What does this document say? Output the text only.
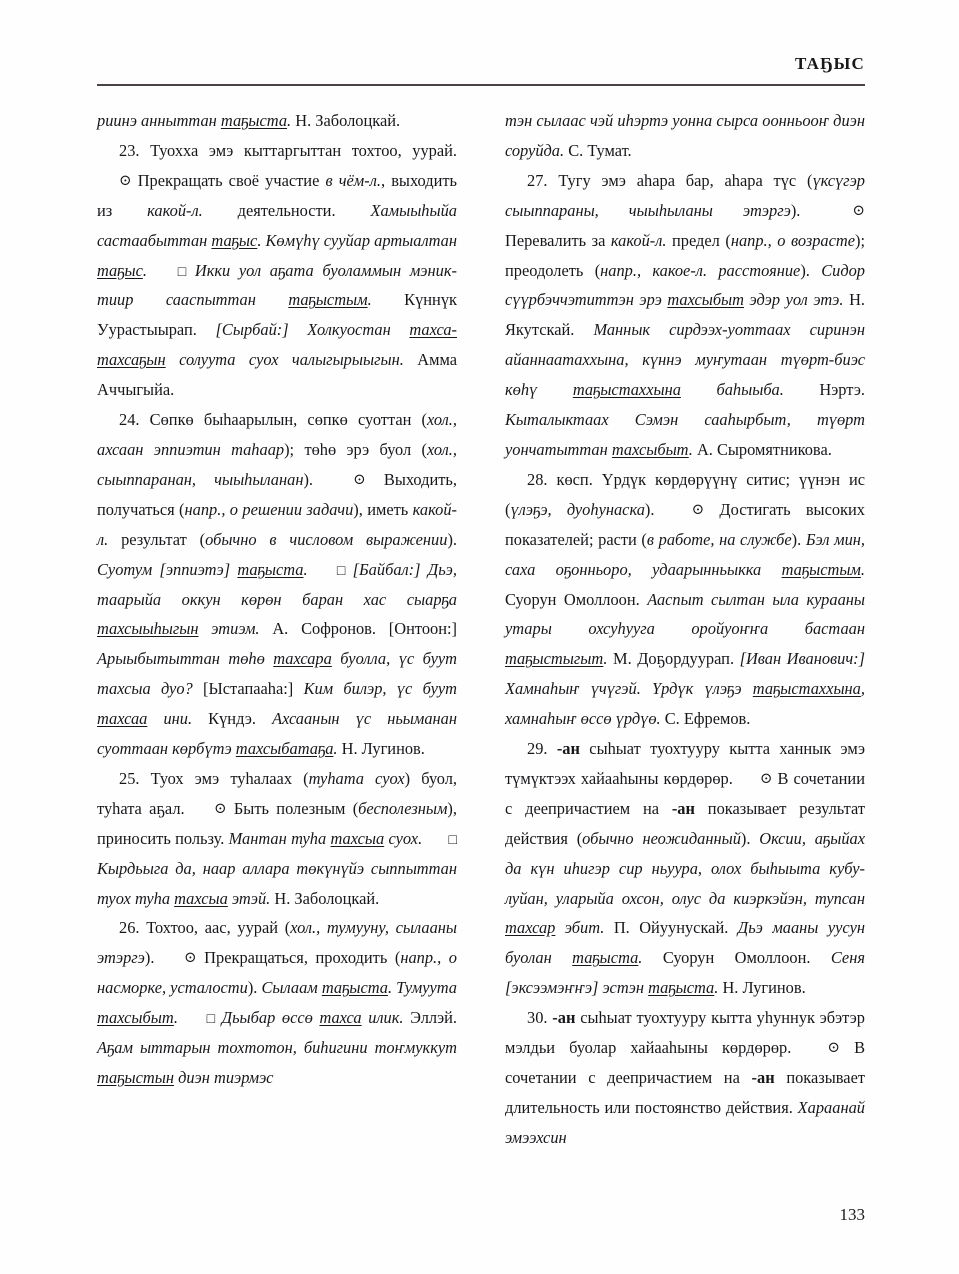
ТАҔЫС

риинэ анныттан таҕыста. Н. Заболоцкай.

23. Туохха эмэ кыттаргыттан тохтоо, уурай. ⊙ Прекращать своё участие в чём-л., выходить из какой-л. деятельности. Хамыыһыйа састаабыттан таҕыс. Көмүһү сууйар артыалтан таҕыс. □ Икки уол аҕата буоламмын мэниктиир сааспыттан таҕыстым. Күннүк Уурастыырап. [Сырбай:] Холкуостан тахса-тахсаҕын солуута суох чалыгырыыгын. Амма Аччыгыйа.

24. Сөпкө быһаарылын, сөпкө суоттан (хол., ахсаан эппиэтин таһаар); төһө эрэ буол (хол., сыыппаранан, чыыһыланан). ⊙ Выходить, получаться (напр., о решении задачи), иметь какой-л. результат (обычно в числовом выражении). Суотум [эппиэтэ] таҕыста. □ [Байбал:] Дьэ, таарыйа оккун көрөн баран хас сыарҕа тахсыыһыгын этиэм. А. Софронов. [Онтоон:] Арыыбытыттан төһө тахсара буолла, үс буут тахсыа дуо? [Ыстапааһа:] Ким билэр, үс буут тахсаа ини. Күндэ. Ахсаанын үс ньыманан суоттаан көрбүтэ тахсыбатаҕа. Н. Лугинов.

25. Туох эмэ туһалаах (туһата суох) буол, туһата аҕал. ⊙ Быть полезным (бесполезным), приносить пользу. Мантан туһа тахсыа суох. □ Кырдьыга да, наар аллара төкүнүйэ сыппыттан туох туһа тахсыа этэй. Н. Заболоцкай.

26. Тохтоо, аас, уурай (хол., тумууну, сылааны этэргэ). ⊙ Прекращаться, проходить (напр., о насморке, усталости). Сылаам таҕыста. Тумуута тахсыбыт. □ Дьыбар өссө тахса илик. Эллэй. Аҕам ыттарын тохтотон, биһигини тоҥмуккут таҕыстын диэн тиэрмэс

тэн сылаас чэй иһэртэ уонна сырса оонньооҥ диэн соруйда. С. Тумат.

27. Тугу эмэ аһара бар, аһара түс (үксүгэр сыыппараны, чыыһыланы этэргэ). ⊙ Перевалить за какой-л. предел (напр., о возрасте); преодолеть (напр., какое-л. расстояние). Сидор сүүрбэччэтиттэн эрэ тахсыбыт эдэр уол этэ. Н. Якутскай. Маннык сирдээх-уоттаах сиринэн айаннаатаххына, күннэ муҥутаан түөрт-биэс көһү таҕыстаххына баһыыба. Нэртэ. Кыталыктаах Сэмэн сааһырбыт, түөрт уончатыттан тахсыбыт. А. Сыромятникова.

28. көсп. Үрдүк көрдөрүүнү ситис; үүнэн ис (үлэҕэ, дуоһунаска). ⊙ Достигать высоких показателей; расти (в работе, на службе). Бэл мин, саха оҕонньоро, удаарынньыкка таҕыстым. Суорун Омоллоон. Ааспыт сылтан ыла курааны утары охсуһууга оройуоҥҥа бастаан таҕыстыгыт. М. Доҕордуурап. [Иван Иванович:] Хамнаһыҥ үчүгэй. Үрдүк үлэҕэ таҕыстаххына, хамнаһыҥ өссө үрдүө. С. Ефремов.

29. -ан сыһыат туохтууру кытта ханнык эмэ түмүктээх хайааһыны көрдөрөр. ⊙ В сочетании с деепричастием на -ан показывает результат действия (обычно неожиданный). Оксии, аҕыйах да күн иһигэр сир ньуура, олох быһыыта кубулуйан, уларыйа охсон, олус да киэркэйэн, тупсан тахсар эбит. П. Ойуунускай. Дьэ мааны уусун буолан таҕыста. Суорун Омоллоон. Сеня [эксээмэҥҥэ] эстэн таҕыста. Н. Лугинов.

30. -ан сыһыат туохтууру кытта уһуннук эбэтэр мэлдьи буолар хайааһыны көрдөрөр. ⊙ В сочетании с деепричастием на -ан показывает длительность или постоянство действия. Хараанай эмээхсин

133
